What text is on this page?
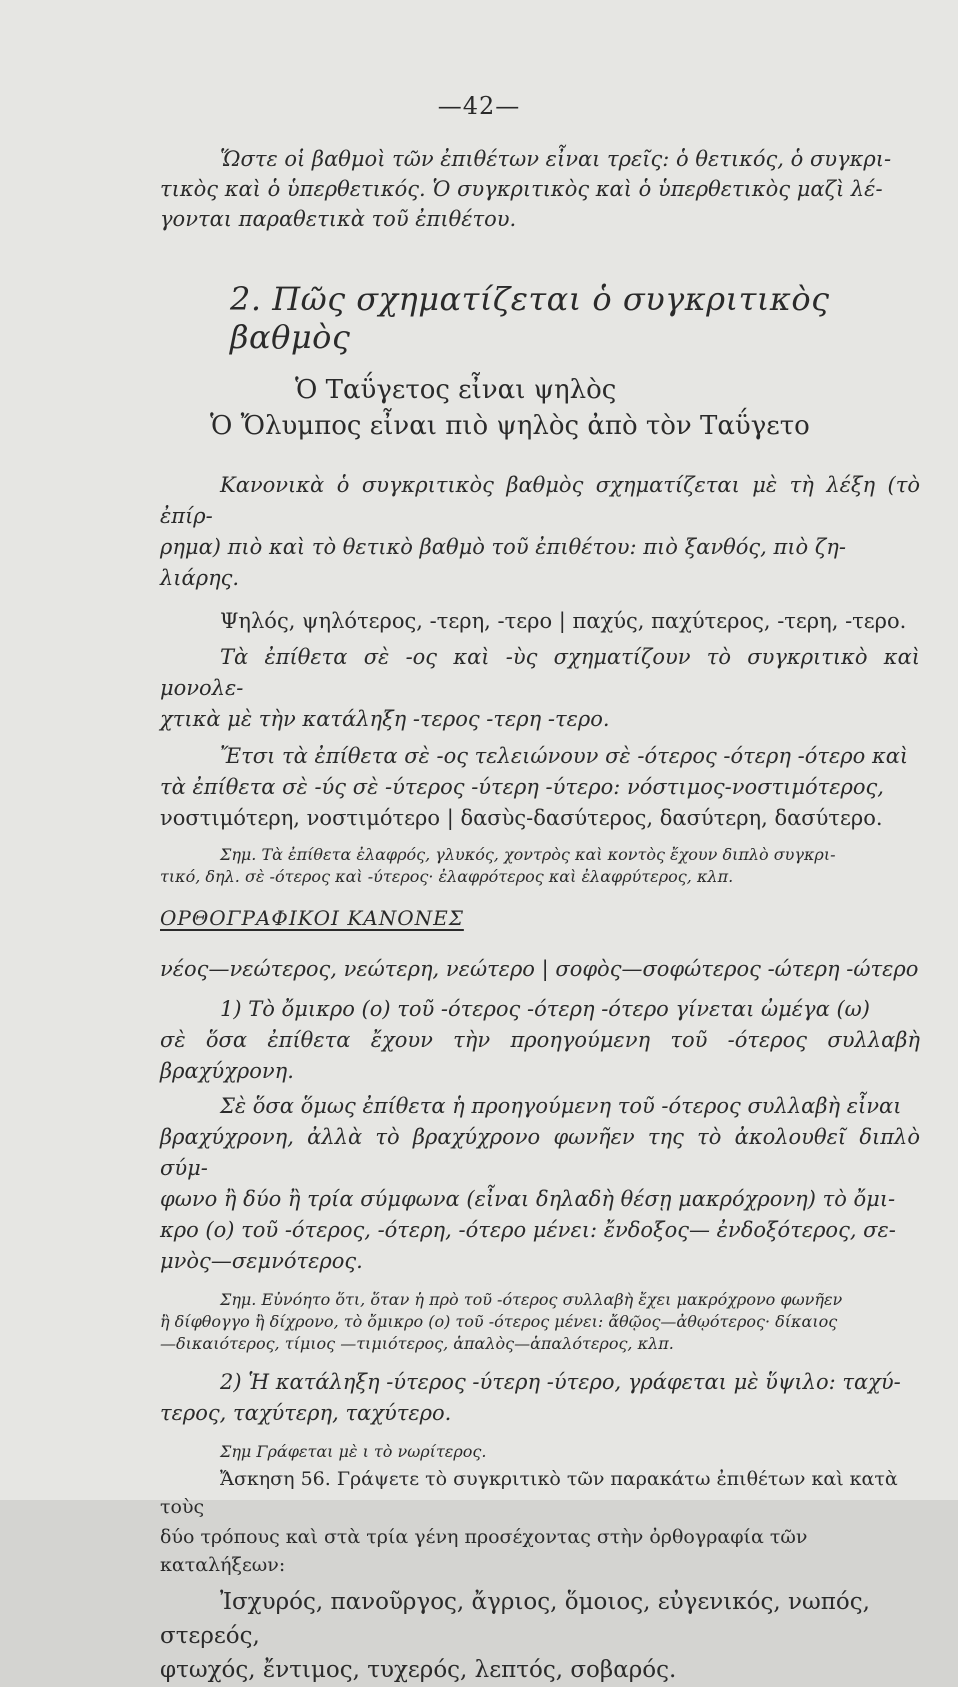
—42—

Ὥστε οἱ βαθμοὶ τῶν ἐπιθέτων εἶναι τρεῖς: ὁ θετικός, ὁ συγκρι-

τικὸς καὶ ὁ ὑπερθετικός. Ὁ συγκριτικὸς καὶ ὁ ὑπερθετικὸς μαζὶ λέ-

γονται παραθετικὰ τοῦ ἐπιθέτου.

2. Πῶς σχηματίζεται ὁ συγκριτικὸς βαθμὸς

Ὁ Ταΰγετος εἶναι ψηλὸς

Ὁ Ὄλυμπος εἶναι πιὸ ψηλὸς ἀπὸ τὸν Ταΰγετο

Κανονικὰ ὁ συγκριτικὸς βαθμὸς σχηματίζεται μὲ τὴ λέξη (τὸ ἐπίρ-

ρημα) πιὸ καὶ τὸ θετικὸ βαθμὸ τοῦ ἐπιθέτου: πιὸ ξανθός, πιὸ ζη-

λιάρης.

Ψηλός, ψηλότερος, -τερη, -τερο | παχύς, παχύτερος, -τερη, -τερο.

Τὰ ἐπίθετα σὲ -ος καὶ -ὺς σχηματίζουν τὸ συγκριτικὸ καὶ μονολε-

χτικὰ μὲ τὴν κατάληξη -τερος -τερη -τερο.

Ἔτσι τὰ ἐπίθετα σὲ -ος τελειώνουν σὲ -ότερος -ότερη -ότερο καὶ

τὰ ἐπίθετα σὲ -ύς σὲ -ύτερος -ύτερη -ύτερο: νόστιμος-νοστιμότερος,

νοστιμότερη, νοστιμότερο | δασὺς-δασύτερος, δασύτερη, δασύτερο.

Σημ. Τὰ ἐπίθετα ἐλαφρός, γλυκός, χοντρὸς καὶ κοντὸς ἔχουν διπλὸ συγκρι-

τικό, δηλ. σὲ -ότερος καὶ -ύτερος· ἐλαφρότερος καὶ ἐλαφρύτερος, κλπ.

ΟΡΘΟΓΡΑΦΙΚΟΙ ΚΑΝΟΝΕΣ

νέος—νεώτερος, νεώτερη, νεώτερο | σοφὸς—σοφώτερος -ώτερη -ώτερο

1) Τὸ ὄμικρο (ο) τοῦ -ότερος -ότερη -ότερο γίνεται ὠμέγα (ω)

σὲ ὅσα ἐπίθετα ἔχουν τὴν προηγούμενη τοῦ -ότερος συλλαβὴ βραχύχρονη.

Σὲ ὅσα ὅμως ἐπίθετα ἡ προηγούμενη τοῦ -ότερος συλλαβὴ εἶναι

βραχύχρονη, ἀλλὰ τὸ βραχύχρονο φωνῆεν της τὸ ἀκολουθεῖ διπλὸ σύμ-

φωνο ἢ δύο ἢ τρία σύμφωνα (εἶναι δηλαδὴ θέσῃ μακρόχρονη) τὸ ὄμι-

κρο (ο) τοῦ -ότερος, -ότερη, -ότερο μένει: ἔνδοξος— ἐνδοξότερος, σε-

μνὸς—σεμνότερος.

Σημ. Εὐνόητο ὅτι, ὅταν ἡ πρὸ τοῦ -ότερος συλλαβὴ ἔχει μακρόχρονο φωνῆεν

ἢ δίφθογγο ἢ δίχρονο, τὸ ὄμικρο (ο) τοῦ -ότερος μένει: ἄθῷος—ἀθῳότερος· δίκαιος

—δικαιότερος, τίμιος —τιμιότερος, ἁπαλὸς—ἁπαλότερος, κλπ.

2) Ἡ κατάληξη -ύτερος -ύτερη -ύτερο, γράφεται μὲ ὕψιλο: ταχύ-

τερος, ταχύτερη, ταχύτερο.

Σημ Γράφεται μὲ ι τὸ νωρίτερος.

Ἄσκηση 56. Γράψετε τὸ συγκριτικὸ τῶν παρακάτω ἐπιθέτων καὶ κατὰ τοὺς

δύο τρόπους καὶ στὰ τρία γένη προσέχοντας στὴν ὀρθογραφία τῶν καταλήξεων:

Ἰσχυρός, πανοῦργος, ἄγριος, ὅμοιος, εὐγενικός, νωπός, στερεός,

φτωχός, ἔντιμος, τυχερός, λεπτός, σοβαρός.
